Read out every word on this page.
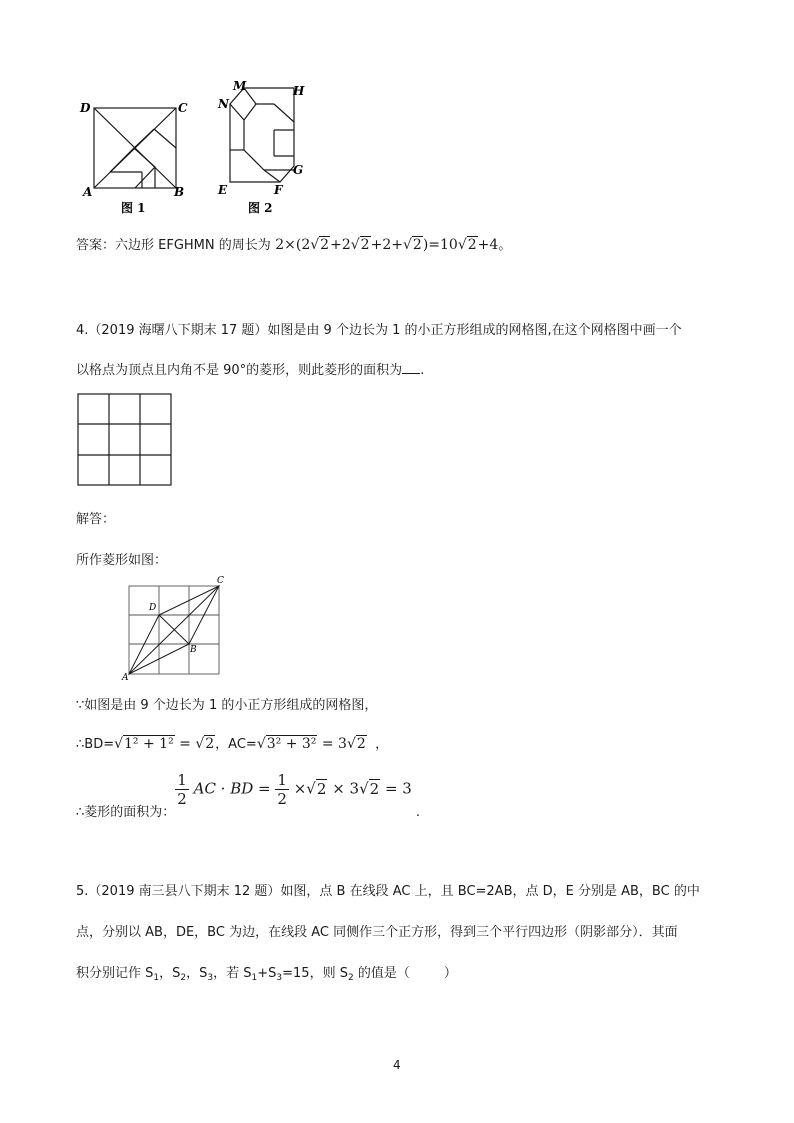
D	C
A	B
图 1
M
N
H
G
E	F
图 2
答案：六边形 EFGHMN 的周长为 2×(2√2+2√2+2+√2)=10√2+4。
4.（2019 海曙八下期末 17 题）如图是由 9 个边长为 1 的小正方形组成的网格图,在这个网格图中画一个
以格点为顶点且内角不是 90°的菱形，则此菱形的面积为 .
解答：
所作菱形如图：
A
B
C
D
∵如图是由 9 个边长为 1 的小正方形组成的网格图，
∴BD=√1² + 1² = √2，AC=√3² + 3² = 3√2 ，
∴菱形的面积为：
$\frac{1}{2}$ AC · BD = $\frac{1}{2} \times√2 \times 3√2 = 3$.
5.（2019 南三县八下期末 12 题）如图，点 B 在线段 AC 上，且 BC=2AB，点 D，E 分别是 AB，BC 的中
点，分别以 AB，DE，BC 为边，在线段 AC 同侧作三个正方形，得到三个平行四边形（阴影部分）．其面
积分别记作 $S_1$，$S_2$，$S_3$，若 $S_1+S_3=15$，则 $S_2$ 的值是（	）
4
